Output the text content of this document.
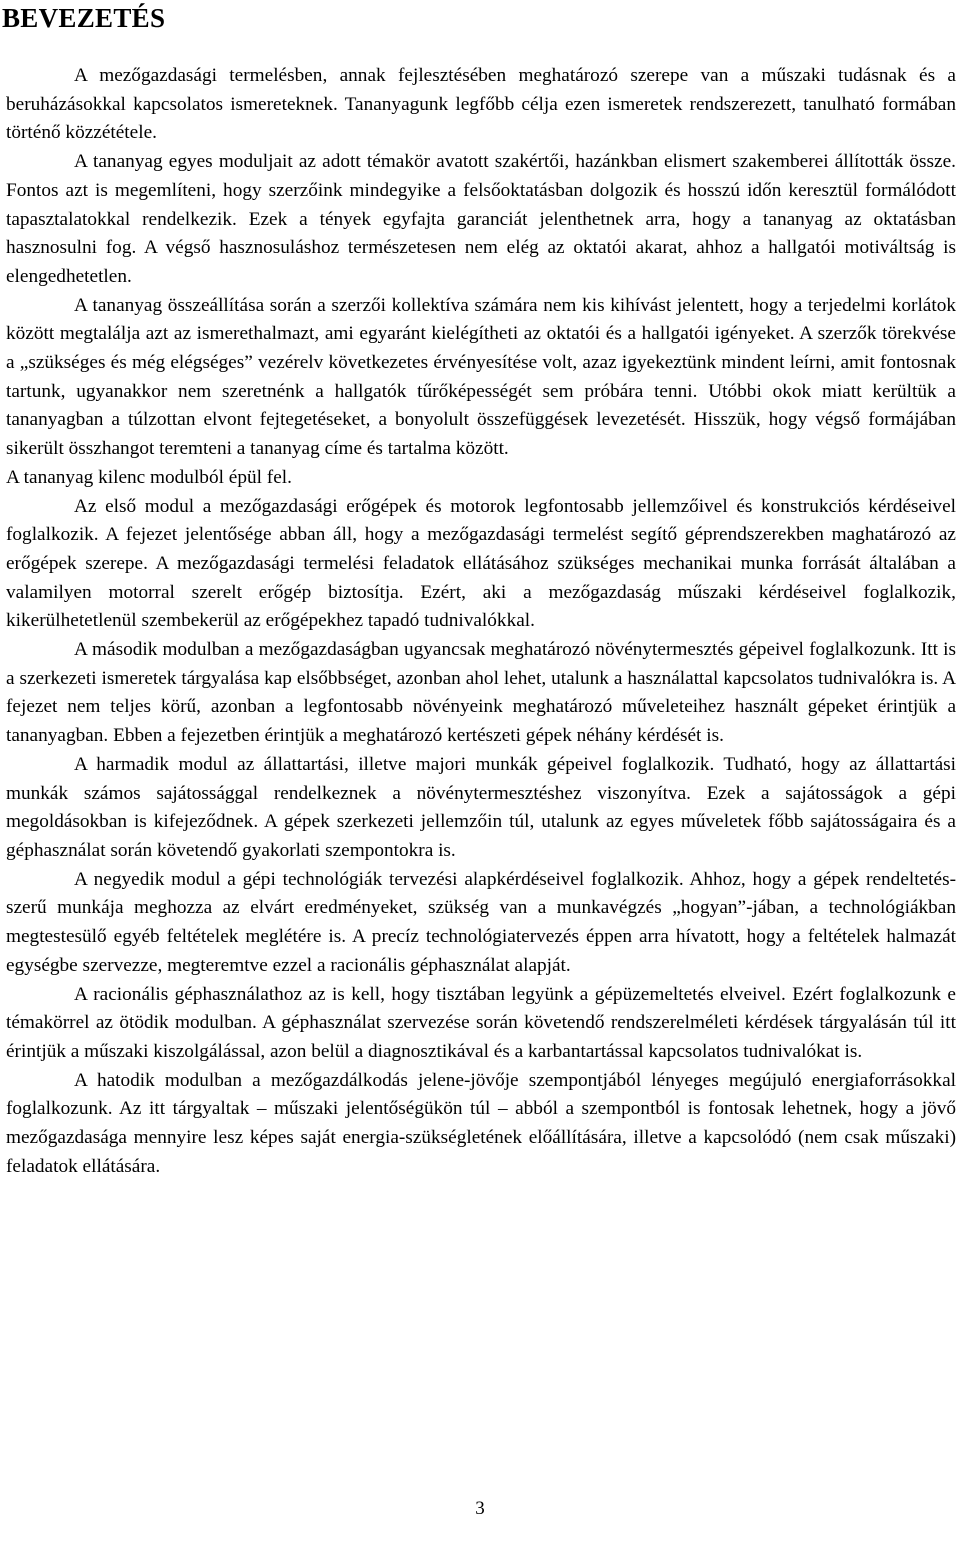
BEVEZETÉS

A mezőgazdasági termelésben, annak fejlesztésében meghatározó szerepe van a műszaki tudásnak és a beruházásokkal kapcsolatos ismereteknek. Tananyagunk legfőbb célja ezen ismeretek rendszerezett, tanulható formában történő közzététele.

A tananyag egyes moduljait az adott témakör avatott szakértői, hazánkban elismert szakemberei állították össze. Fontos azt is megemlíteni, hogy szerzőink mindegyike a felsőoktatásban dolgozik és hosszú időn keresztül formálódott tapasztalatokkal rendelkezik. Ezek a tények egyfajta garanciát jelenthetnek arra, hogy a tananyag az oktatásban hasznosulni fog. A végső hasznosuláshoz természetesen nem elég az oktatói akarat, ahhoz a hallgatói motiváltság is elengedhetetlen.

A tananyag összeállítása során a szerzői kollektíva számára nem kis kihívást jelentett, hogy a terjedelmi korlátok között megtalálja azt az ismerethalmazt, ami egyaránt kielégítheti az oktatói és a hallgatói igényeket. A szerzők törekvése a „szükséges és még elégséges” vezérelv következetes érvényesítése volt, azaz igyekeztünk mindent leírni, amit fontosnak tartunk, ugyanakkor nem szeretnénk a hallgatók tűrőképességét sem próbára tenni. Utóbbi okok miatt kerültük a tananyagban a túlzottan elvont fejtegetéseket, a bonyolult összefüggések levezetését. Hisszük, hogy végső formájában sikerült összhangot teremteni a tananyag címe és tartalma között.

A tananyag kilenc modulból épül fel.

Az első modul a mezőgazdasági erőgépek és motorok legfontosabb jellemzőivel és konstrukciós kérdéseivel foglalkozik. A fejezet jelentősége abban áll, hogy a mezőgazdasági termelést segítő géprendszerekben maghatározó az erőgépek szerepe. A mezőgazdasági termelési feladatok ellátásához szükséges mechanikai munka forrását általában a valamilyen motorral szerelt erőgép biztosítja. Ezért, aki a mezőgazdaság műszaki kérdéseivel foglalkozik, kikerülhetetlenül szembekerül az erőgépekhez tapadó tudnivalókkal.

A második modulban a mezőgazdaságban ugyancsak meghatározó növénytermesztés gépeivel foglalkozunk. Itt is a szerkezeti ismeretek tárgyalása kap elsőbbséget, azonban ahol lehet, utalunk a használattal kapcsolatos tudnivalókra is. A fejezet nem teljes körű, azonban a legfontosabb növényeink meghatározó műveleteihez használt gépeket érintjük a tananyagban. Ebben a fejezetben érintjük a meghatározó kertészeti gépek néhány kérdését is.

A harmadik modul az állattartási, illetve majori munkák gépeivel foglalkozik. Tudható, hogy az állattartási munkák számos sajátossággal rendelkeznek a növénytermesztéshez viszonyítva. Ezek a sajátosságok a gépi megoldásokban is kifejeződnek. A gépek szerkezeti jellemzőin túl, utalunk az egyes műveletek főbb sajátosságaira és a géphasználat során követendő gyakorlati szempontokra is.

A negyedik modul a gépi technológiák tervezési alapkérdéseivel foglalkozik. Ahhoz, hogy a gépek rendeltetés-szerű munkája meghozza az elvárt eredményeket, szükség van a munkavégzés „hogyan”-jában, a technológiákban megtestesülő egyéb feltételek meglétére is. A precíz technológiatervezés éppen arra hívatott, hogy a feltételek halmazát egységbe szervezze, megteremtve ezzel a racionális géphasználat alapját.

A racionális géphasználathoz az is kell, hogy tisztában legyünk a gépüzemeltetés elveivel. Ezért foglalkozunk e témakörrel az ötödik modulban. A géphasználat szervezése során követendő rendszerelméleti kérdések tárgyalásán túl itt érintjük a műszaki kiszolgálással, azon belül a diagnosztikával és a karbantartással kapcsolatos tudnivalókat is.

A hatodik modulban a mezőgazdálkodás jelene-jövője szempontjából lényeges megújuló energiaforrásokkal foglalkozunk. Az itt tárgyaltak – műszaki jelentőségükön túl – abból a szempontból is fontosak lehetnek, hogy a jövő mezőgazdasága mennyire lesz képes saját energia-szükségletének előállítására, illetve a kapcsolódó (nem csak műszaki) feladatok ellátására.

3
